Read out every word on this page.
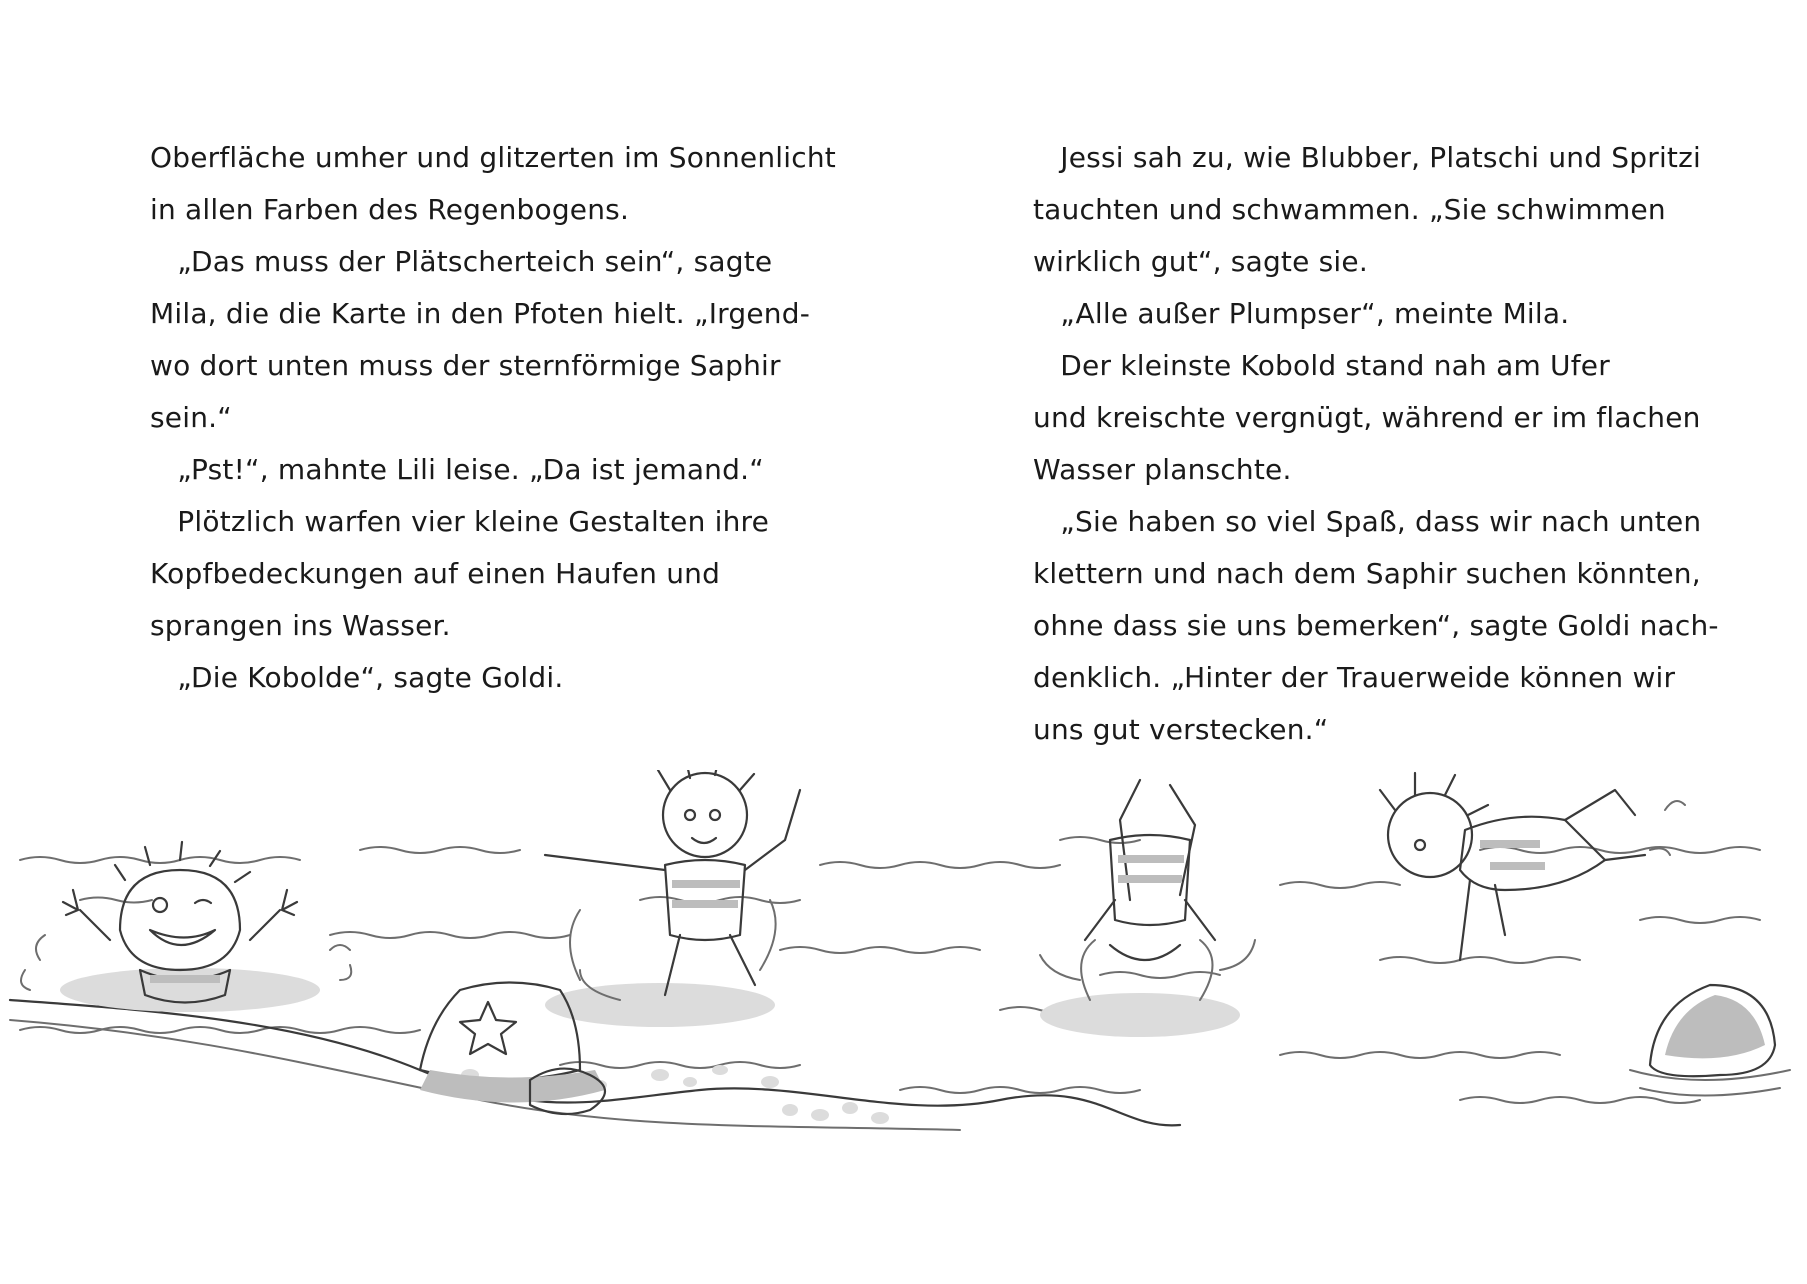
Oberfläche umher und glitzerten im Sonnenlicht
in allen Farben des Regenbogens.
„Das muss der Plätscherteich sein“, sagte
Mila, die die Karte in den Pfoten hielt. „Irgend-
wo dort unten muss der sternförmige Saphir
sein.“
„Pst!“, mahnte Lili leise. „Da ist jemand.“
Plötzlich warfen vier kleine Gestalten ihre
Kopfbedeckungen auf einen Haufen und
sprangen ins Wasser.
„Die Kobolde“, sagte Goldi.
Jessi sah zu, wie Blubber, Platschi und Spritzi
tauchten und schwammen. „Sie schwimmen
wirklich gut“, sagte sie.
„Alle außer Plumpser“, meinte Mila.
Der kleinste Kobold stand nah am Ufer
und kreischte vergnügt, während er im flachen
Wasser planschte.
„Sie haben so viel Spaß, dass wir nach unten
klettern und nach dem Saphir suchen könnten,
ohne dass sie uns bemerken“, sagte Goldi nach-
denklich. „Hinter der Trauerweide können wir
uns gut verstecken.“
